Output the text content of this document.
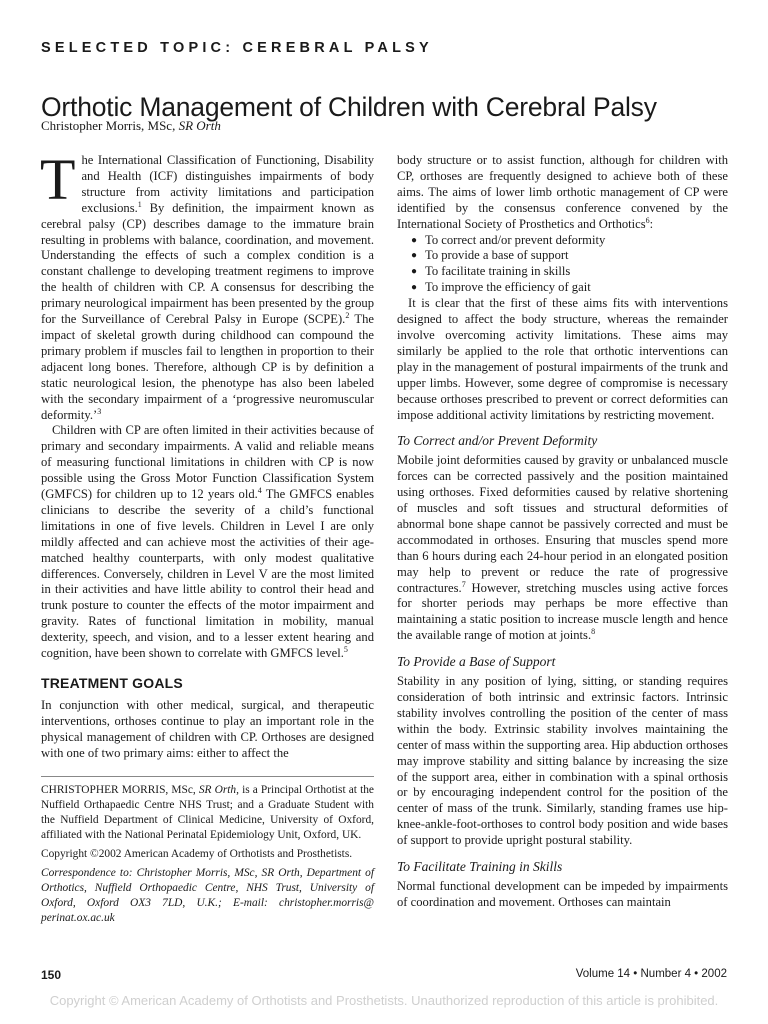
SELECTED TOPIC: CEREBRAL PALSY
Orthotic Management of Children with Cerebral Palsy
Christopher Morris, MSc, SR Orth

The International Classification of Functioning, Disability and Health (ICF) distinguishes impairments of body structure from activity limitations and participation exclusions.$^1$ By definition, the impairment known as cerebral palsy (CP) describes damage to the immature brain resulting in problems with balance, coordination, and movement. Understanding the effects of such a complex condition is a constant challenge to developing treatment regimens to improve the health of children with CP. A consensus for describing the primary neurological impairment has been presented by the group for the Surveillance of Cerebral Palsy in Europe (SCPE).$^2$ The impact of skeletal growth during childhood can compound the primary problem if muscles fail to lengthen in proportion to their adjacent long bones. Therefore, although CP is by definition a static neurological lesion, the phenotype has also been labeled with the secondary impairment of a ‘progressive neuromuscular deformity.’$^3$

Children with CP are often limited in their activities because of primary and secondary impairments. A valid and reliable means of measuring functional limitations in children with CP is now possible using the Gross Motor Function Classification System (GMFCS) for children up to 12 years old.$^4$ The GMFCS enables clinicians to describe the severity of a child’s functional limitations in one of five levels. Children in Level I are only mildly affected and can achieve most the activities of their age-matched healthy counterparts, with only modest qualitative differences. Conversely, children in Level V are the most limited in their activities and have little ability to control their head and trunk posture to counter the effects of the motor impairment and gravity. Rates of functional limitation in mobility, manual dexterity, speech, and vision, and to a lesser extent hearing and cognition, have been shown to correlate with GMFCS level.$^5$

TREATMENT GOALS

In conjunction with other medical, surgical, and therapeutic interventions, orthoses continue to play an important role in the physical management of children with CP. Orthoses are designed with one of two primary aims: either to affect the

CHRISTOPHER MORRIS, MSc, SR Orth, is a Principal Orthotist at the Nuffield Orthapaedic Centre NHS Trust; and a Graduate Student with the Nuffield Department of Clinical Medicine, University of Oxford, affiliated with the National Perinatal Epidemiology Unit, Oxford, UK.

Copyright ©2002 American Academy of Orthotists and Prosthetists.

Correspondence to: Christopher Morris, MSc, SR Orth, Department of Orthotics, Nuffield Orthopaedic Centre, NHS Trust, University of Oxford, Oxford OX3 7LD, U.K.; E-mail: christopher.morris@ perinat.ox.ac.uk

body structure or to assist function, although for children with CP, orthoses are frequently designed to achieve both of these aims. The aims of lower limb orthotic management of CP were identified by the consensus conference convened by the International Society of Prosthetics and Orthotics$^6$:

● To correct and/or prevent deformity
● To provide a base of support
● To facilitate training in skills
● To improve the efficiency of gait

It is clear that the first of these aims fits with interventions designed to affect the body structure, whereas the remainder involve overcoming activity limitations. These aims may similarly be applied to the role that orthotic interventions can play in the management of postural impairments of the trunk and upper limbs. However, some degree of compromise is necessary because orthoses prescribed to prevent or correct deformities can impose additional activity limitations by restricting movement.

To Correct and/or Prevent Deformity

Mobile joint deformities caused by gravity or unbalanced muscle forces can be corrected passively and the position maintained using orthoses. Fixed deformities caused by relative shortening of muscles and soft tissues and structural deformities of abnormal bone shape cannot be passively corrected and must be accommodated in orthoses. Ensuring that muscles spend more than 6 hours during each 24-hour period in an elongated position may help to prevent or reduce the rate of progressive contractures.$^7$ However, stretching muscles using active forces for shorter periods may perhaps be more effective than maintaining a static position to increase muscle length and hence the available range of motion at joints.$^8$

To Provide a Base of Support

Stability in any position of lying, sitting, or standing requires consideration of both intrinsic and extrinsic factors. Intrinsic stability involves controlling the position of the center of mass within the body. Extrinsic stability involves maintaining the center of mass within the supporting area. Hip abduction orthoses may improve stability and sitting balance by increasing the size of the support area, either in combination with a spinal orthosis or by encouraging independent control for the position of the center of mass of the trunk. Similarly, standing frames use hip-knee-ankle-foot-orthoses to control body position and wide bases of support to provide upright postural stability.

To Facilitate Training in Skills

Normal functional development can be impeded by impairments of coordination and movement. Orthoses can maintain

150	Volume 14 • Number 4 • 2002
Copyright © American Academy of Orthotists and Prosthetists. Unauthorized reproduction of this article is prohibited.
